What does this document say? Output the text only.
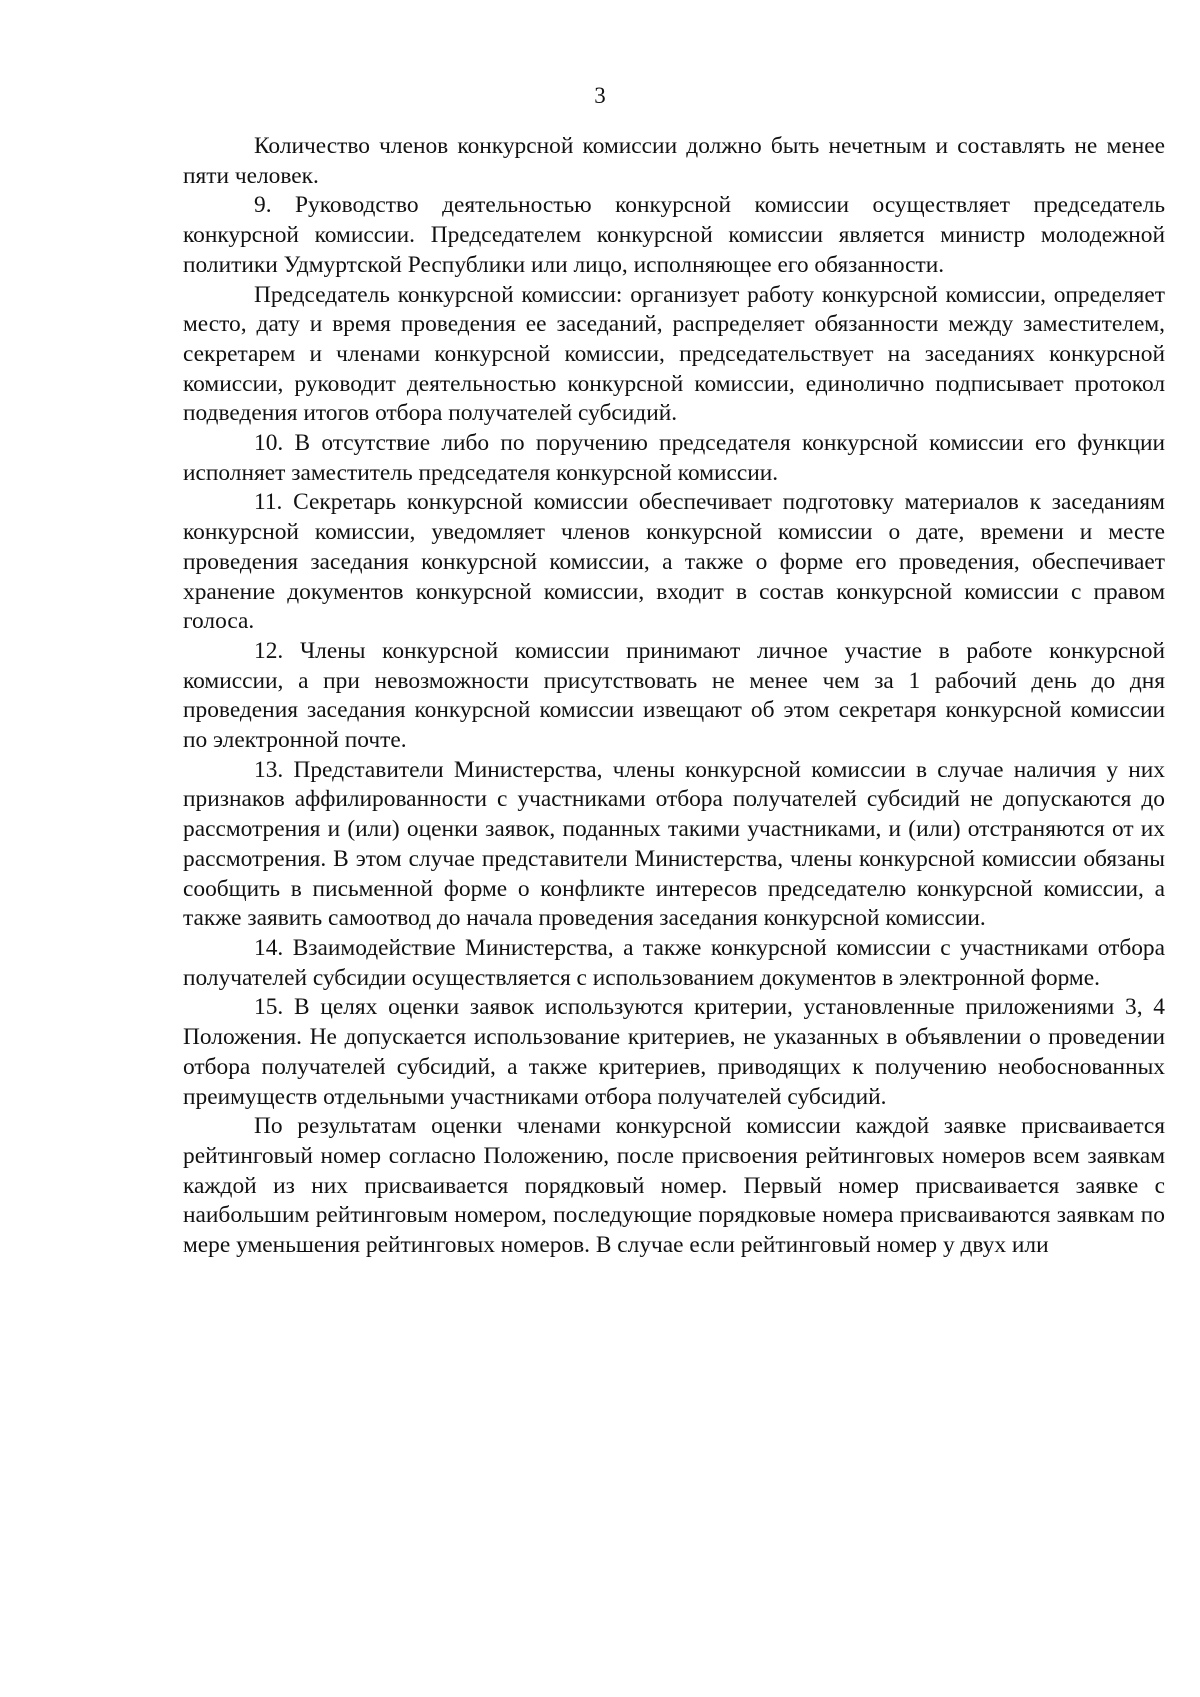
3

Количество членов конкурсной комиссии должно быть нечетным и составлять не менее пяти человек.

9. Руководство деятельностью конкурсной комиссии осуществляет председатель конкурсной комиссии. Председателем конкурсной комиссии является министр молодежной политики Удмуртской Республики или лицо, исполняющее его обязанности.

Председатель конкурсной комиссии: организует работу конкурсной комиссии, определяет место, дату и время проведения ее заседаний, распределяет обязанности между заместителем, секретарем и членами конкурсной комиссии, председательствует на заседаниях конкурсной комиссии, руководит деятельностью конкурсной комиссии, единолично подписывает протокол подведения итогов отбора получателей субсидий.

10. В отсутствие либо по поручению председателя конкурсной комиссии его функции исполняет заместитель председателя конкурсной комиссии.

11. Секретарь конкурсной комиссии обеспечивает подготовку материалов к заседаниям конкурсной комиссии, уведомляет членов конкурсной комиссии о дате, времени и месте проведения заседания конкурсной комиссии, а также о форме его проведения, обеспечивает хранение документов конкурсной комиссии, входит в состав конкурсной комиссии с правом голоса.

12. Члены конкурсной комиссии принимают личное участие в работе конкурсной комиссии, а при невозможности присутствовать не менее чем за 1 рабочий день до дня проведения заседания конкурсной комиссии извещают об этом секретаря конкурсной комиссии по электронной почте.

13. Представители Министерства, члены конкурсной комиссии в случае наличия у них признаков аффилированности с участниками отбора получателей субсидий не допускаются до рассмотрения и (или) оценки заявок, поданных такими участниками, и (или) отстраняются от их рассмотрения. В этом случае представители Министерства, члены конкурсной комиссии обязаны сообщить в письменной форме о конфликте интересов председателю конкурсной комиссии, а также заявить самоотвод до начала проведения заседания конкурсной комиссии.

14. Взаимодействие Министерства, а также конкурсной комиссии с участниками отбора получателей субсидии осуществляется с использованием документов в электронной форме.

15. В целях оценки заявок используются критерии, установленные приложениями 3, 4 Положения. Не допускается использование критериев, не указанных в объявлении о проведении отбора получателей субсидий, а также критериев, приводящих к получению необоснованных преимуществ отдельными участниками отбора получателей субсидий.

По результатам оценки членами конкурсной комиссии каждой заявке присваивается рейтинговый номер согласно Положению, после присвоения рейтинговых номеров всем заявкам каждой из них присваивается порядковый номер. Первый номер присваивается заявке с наибольшим рейтинговым номером, последующие порядковые номера присваиваются заявкам по мере уменьшения рейтинговых номеров. В случае если рейтинговый номер у двух или
